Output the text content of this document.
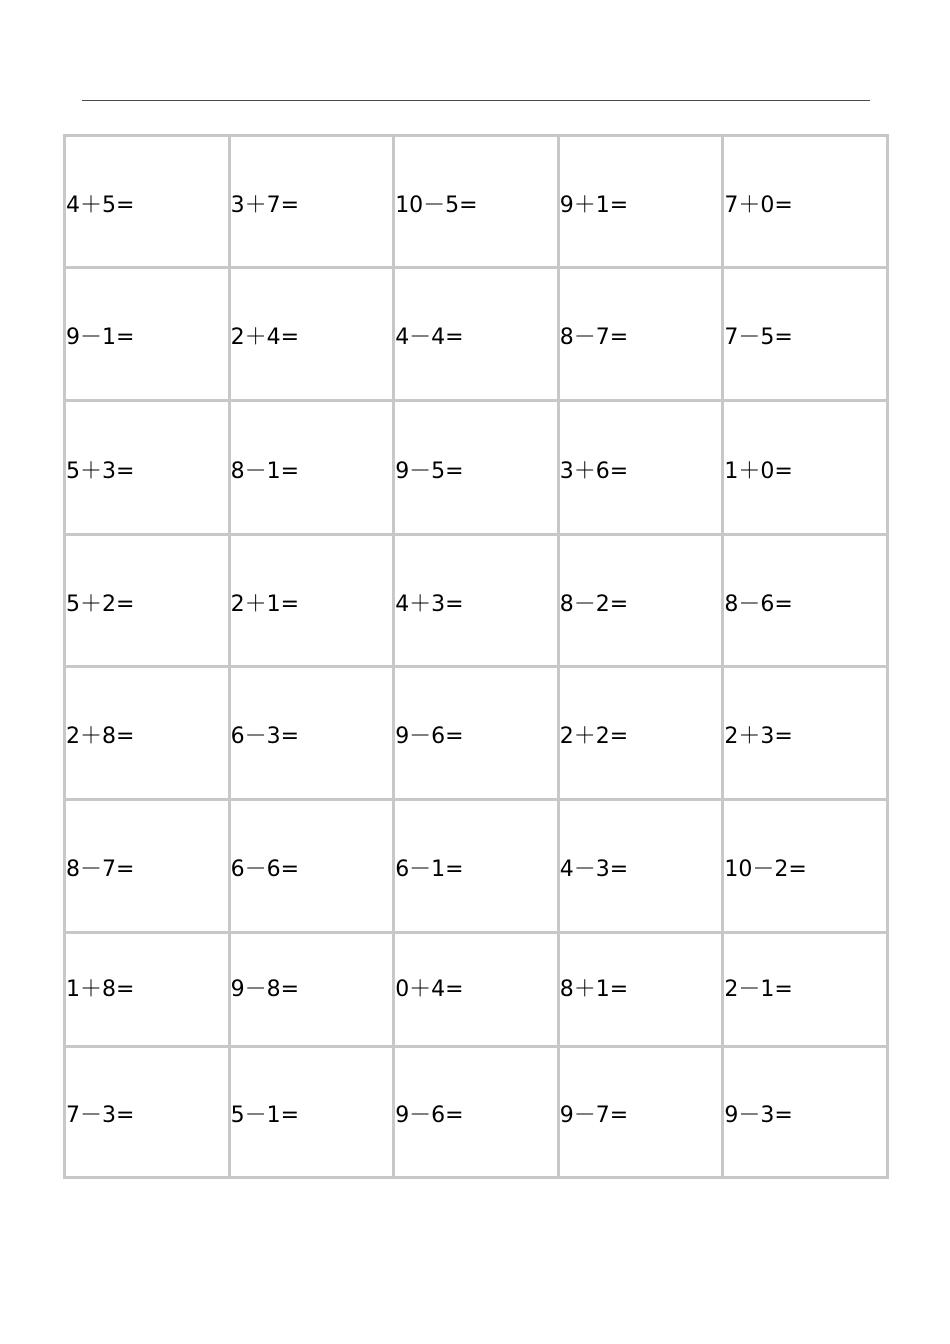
4＋5=	3＋7=	10－5=	9＋1=	7＋0=
9－1=	2＋4=	4－4=	8－7=	7－5=
5＋3=	8－1=	9－5=	3＋6=	1＋0=
5＋2=	2＋1=	4＋3=	8－2=	8－6=
2＋8=	6－3=	9－6=	2＋2=	2＋3=
8－7=	6－6=	6－1=	4－3=	10－2=
1＋8=	9－8=	0＋4=	8＋1=	2－1=
7－3=	5－1=	9－6=	9－7=	9－3=
